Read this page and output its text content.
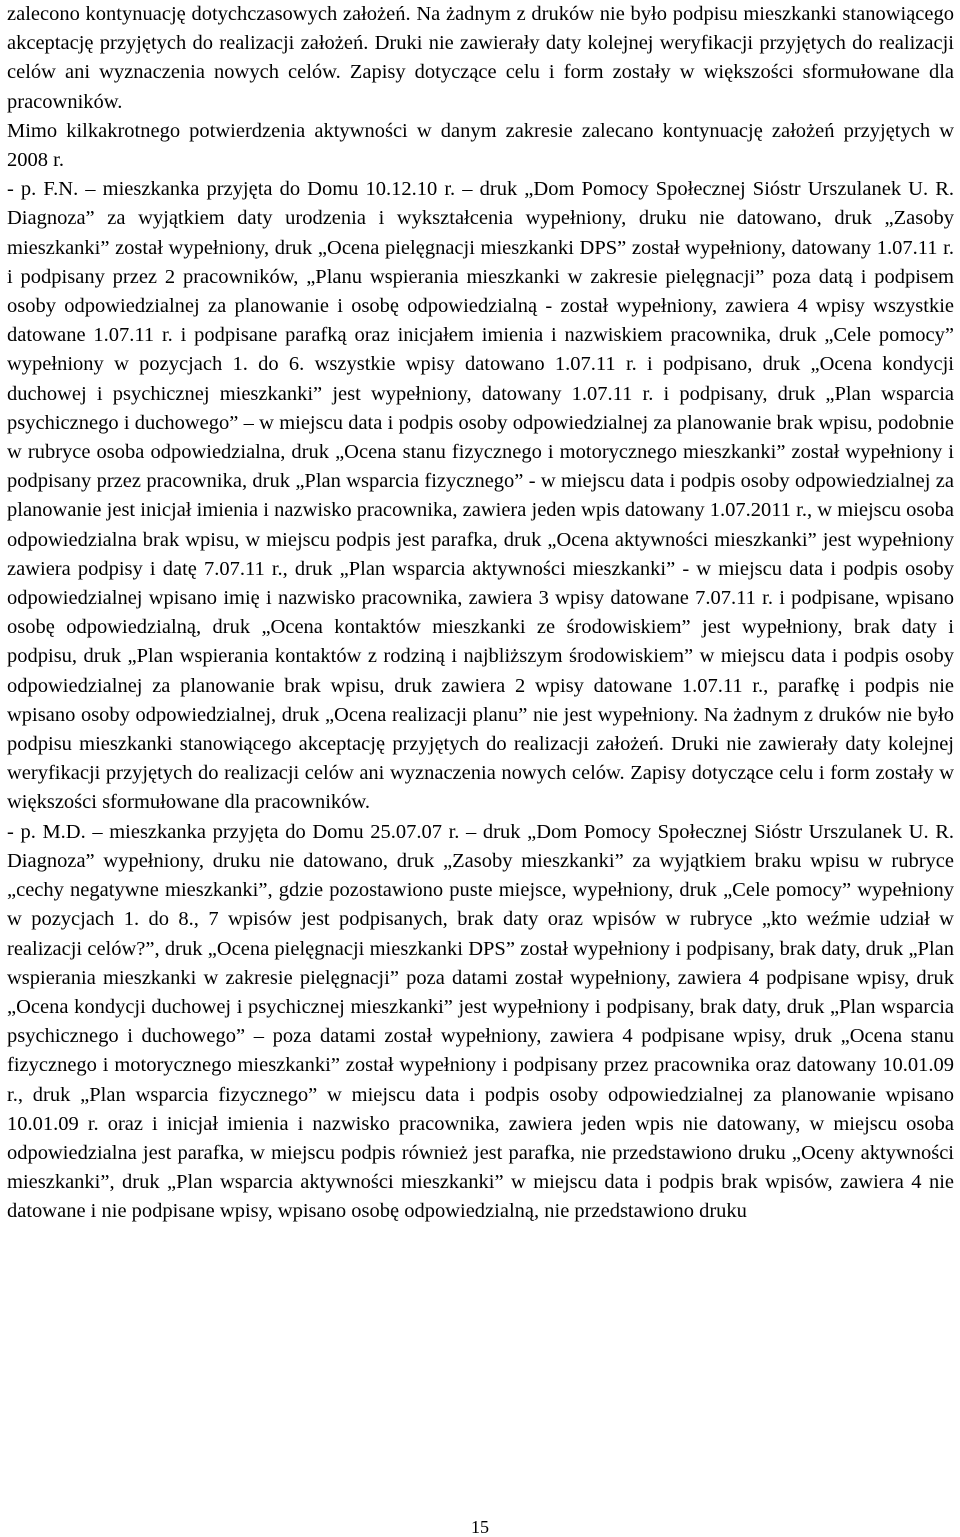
zalecono kontynuację dotychczasowych założeń. Na żadnym z druków nie było podpisu mieszkanki stanowiącego akceptację przyjętych do realizacji założeń. Druki nie zawierały daty kolejnej weryfikacji przyjętych do realizacji celów ani wyznaczenia nowych celów. Zapisy dotyczące celu i form zostały w większości sformułowane dla pracowników.

Mimo kilkakrotnego potwierdzenia aktywności w danym zakresie zalecano kontynuację założeń przyjętych w 2008 r.

- p. F.N. – mieszkanka przyjęta do Domu 10.12.10 r. – druk „Dom Pomocy Społecznej Sióstr Urszulanek U. R. Diagnoza” za wyjątkiem daty urodzenia i wykształcenia wypełniony, druku nie datowano, druk „Zasoby mieszkanki” został wypełniony, druk „Ocena pielęgnacji mieszkanki DPS” został wypełniony, datowany 1.07.11 r. i podpisany przez 2 pracowników, „Planu wspierania mieszkanki w zakresie pielęgnacji” poza datą i podpisem osoby odpowiedzialnej za planowanie i osobę odpowiedzialną - został wypełniony, zawiera 4 wpisy wszystkie datowane 1.07.11 r. i podpisane parafką oraz inicjałem imienia i nazwiskiem pracownika, druk „Cele pomocy” wypełniony w pozycjach 1. do 6. wszystkie wpisy datowano 1.07.11 r. i podpisano, druk „Ocena kondycji duchowej i psychicznej mieszkanki” jest wypełniony, datowany 1.07.11 r. i podpisany, druk „Plan wsparcia psychicznego i duchowego” – w miejscu data i podpis osoby odpowiedzialnej za planowanie brak wpisu, podobnie w rubryce osoba odpowiedzialna, druk „Ocena stanu fizycznego i motorycznego mieszkanki” został wypełniony i podpisany przez pracownika, druk „Plan wsparcia fizycznego” - w miejscu data i podpis osoby odpowiedzialnej za planowanie jest inicjał imienia i nazwisko pracownika, zawiera jeden wpis datowany 1.07.2011 r., w miejscu osoba odpowiedzialna brak wpisu, w miejscu podpis jest parafka, druk „Ocena aktywności mieszkanki” jest wypełniony zawiera podpisy i datę 7.07.11 r., druk „Plan wsparcia aktywności mieszkanki” - w miejscu data i podpis osoby odpowiedzialnej wpisano imię i nazwisko pracownika, zawiera 3 wpisy datowane 7.07.11 r. i podpisane, wpisano osobę odpowiedzialną, druk „Ocena kontaktów mieszkanki ze środowiskiem” jest wypełniony, brak daty i podpisu, druk „Plan wspierania kontaktów z rodziną i najbliższym środowiskiem” w miejscu data i podpis osoby odpowiedzialnej za planowanie brak wpisu, druk zawiera 2 wpisy datowane 1.07.11 r., parafkę i podpis nie wpisano osoby odpowiedzialnej, druk „Ocena realizacji planu” nie jest wypełniony. Na żadnym z druków nie było podpisu mieszkanki stanowiącego akceptację przyjętych do realizacji założeń. Druki nie zawierały daty kolejnej weryfikacji przyjętych do realizacji celów ani wyznaczenia nowych celów. Zapisy dotyczące celu i form zostały w większości sformułowane dla pracowników.

- p. M.D. – mieszkanka przyjęta do Domu 25.07.07 r. – druk „Dom Pomocy Społecznej Sióstr Urszulanek U. R. Diagnoza” wypełniony, druku nie datowano, druk „Zasoby mieszkanki” za wyjątkiem braku wpisu w rubryce „cechy negatywne mieszkanki”, gdzie pozostawiono puste miejsce, wypełniony, druk „Cele pomocy” wypełniony w pozycjach 1. do 8., 7 wpisów jest podpisanych, brak daty oraz wpisów w rubryce „kto weźmie udział w realizacji celów?”, druk „Ocena pielęgnacji mieszkanki DPS” został wypełniony i podpisany, brak daty, druk „Plan wspierania mieszkanki w zakresie pielęgnacji” poza datami został wypełniony, zawiera 4 podpisane wpisy, druk „Ocena kondycji duchowej i psychicznej mieszkanki” jest wypełniony i podpisany, brak daty, druk „Plan wsparcia psychicznego i duchowego” – poza datami został wypełniony, zawiera 4 podpisane wpisy, druk „Ocena stanu fizycznego i motorycznego mieszkanki” został wypełniony i podpisany przez pracownika oraz datowany 10.01.09 r., druk „Plan wsparcia fizycznego” w miejscu data i podpis osoby odpowiedzialnej za planowanie wpisano 10.01.09 r. oraz i inicjał imienia i nazwisko pracownika, zawiera jeden wpis nie datowany, w miejscu osoba odpowiedzialna jest parafka, w miejscu podpis również jest parafka, nie przedstawiono druku „Oceny aktywności mieszkanki”, druk „Plan wsparcia aktywności mieszkanki” w miejscu data i podpis brak wpisów, zawiera 4 nie datowane i nie podpisane wpisy, wpisano osobę odpowiedzialną, nie przedstawiono druku

15
